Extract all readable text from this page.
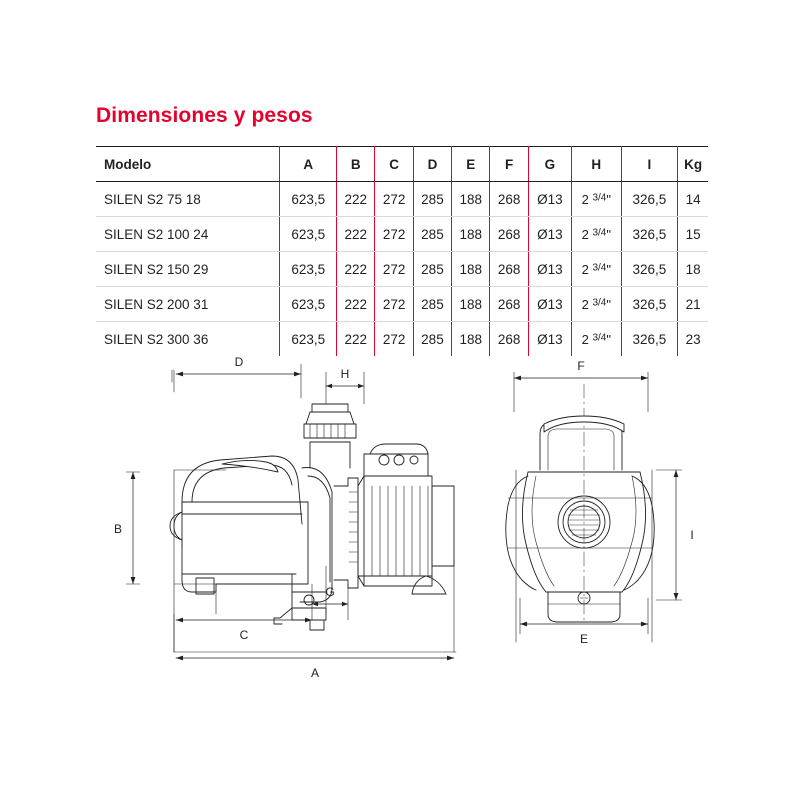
Dimensiones y pesos
Modelo	A	B	C	D	E	F	G	H	I	Kg
SILEN S2 75 18	623,5	222	272	285	188	268	Ø13	2 $^{3/4}$"	326,5	14
SILEN S2 100 24	623,5	222	272	285	188	268	Ø13	2 $^{3/4}$"	326,5	15
SILEN S2 150 29	623,5	222	272	285	188	268	Ø13	2 $^{3/4}$"	326,5	18
SILEN S2 200 31	623,5	222	272	285	188	268	Ø13	2 $^{3/4}$"	326,5	21
SILEN S2 300 36	623,5	222	272	285	188	268	Ø13	2 $^{3/4}$"	326,5	23
D
H
B
C
G
A
F
I
E
